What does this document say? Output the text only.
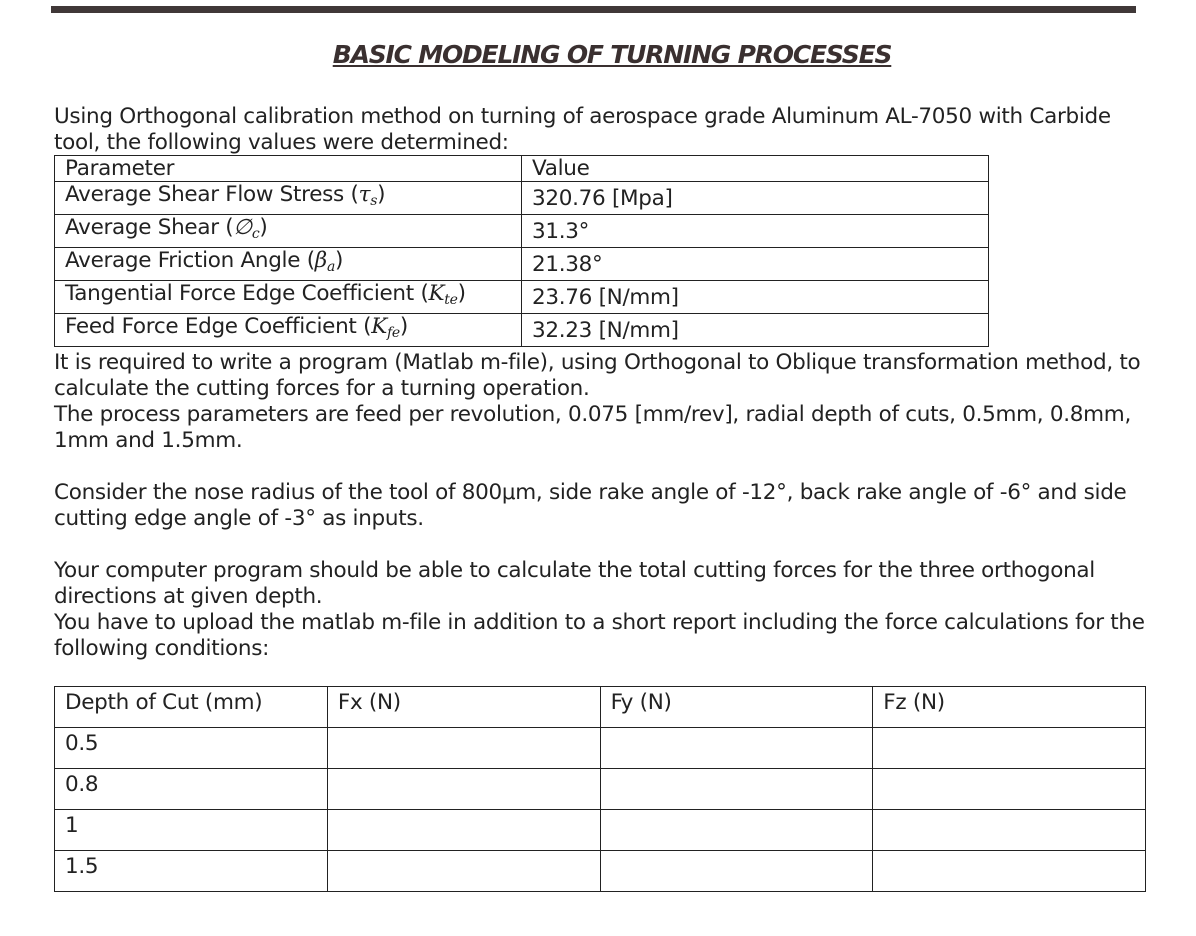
BASIC MODELING OF TURNING PROCESSES
Using Orthogonal calibration method on turning of aerospace grade Aluminum AL-7050 with Carbide tool, the following values were determined:
Parameter	Value
Average Shear Flow Stress $(\tau_s)$	320.76 [Mpa]
Average Shear $(\emptyset_c)$	31.3°
Average Friction Angle $(\beta_a)$	21.38°
Tangential Force Edge Coefficient $(K_{te})$	23.76 [N/mm]
Feed Force Edge Coefficient $(K_{fe})$	32.23 [N/mm]
It is required to write a program (Matlab m-file), using Orthogonal to Oblique transformation method, to calculate the cutting forces for a turning operation.
The process parameters are feed per revolution, 0.075 [mm/rev], radial depth of cuts, 0.5mm, 0.8mm, 1mm and 1.5mm.
Consider the nose radius of the tool of 800μm, side rake angle of -12°, back rake angle of -6° and side cutting edge angle of -3° as inputs.
Your computer program should be able to calculate the total cutting forces for the three orthogonal directions at given depth.
You have to upload the matlab m-file in addition to a short report including the force calculations for the following conditions:
Depth of Cut (mm)	Fx (N)	Fy (N)	Fz (N)
0.5			
0.8			
1			
1.5			
